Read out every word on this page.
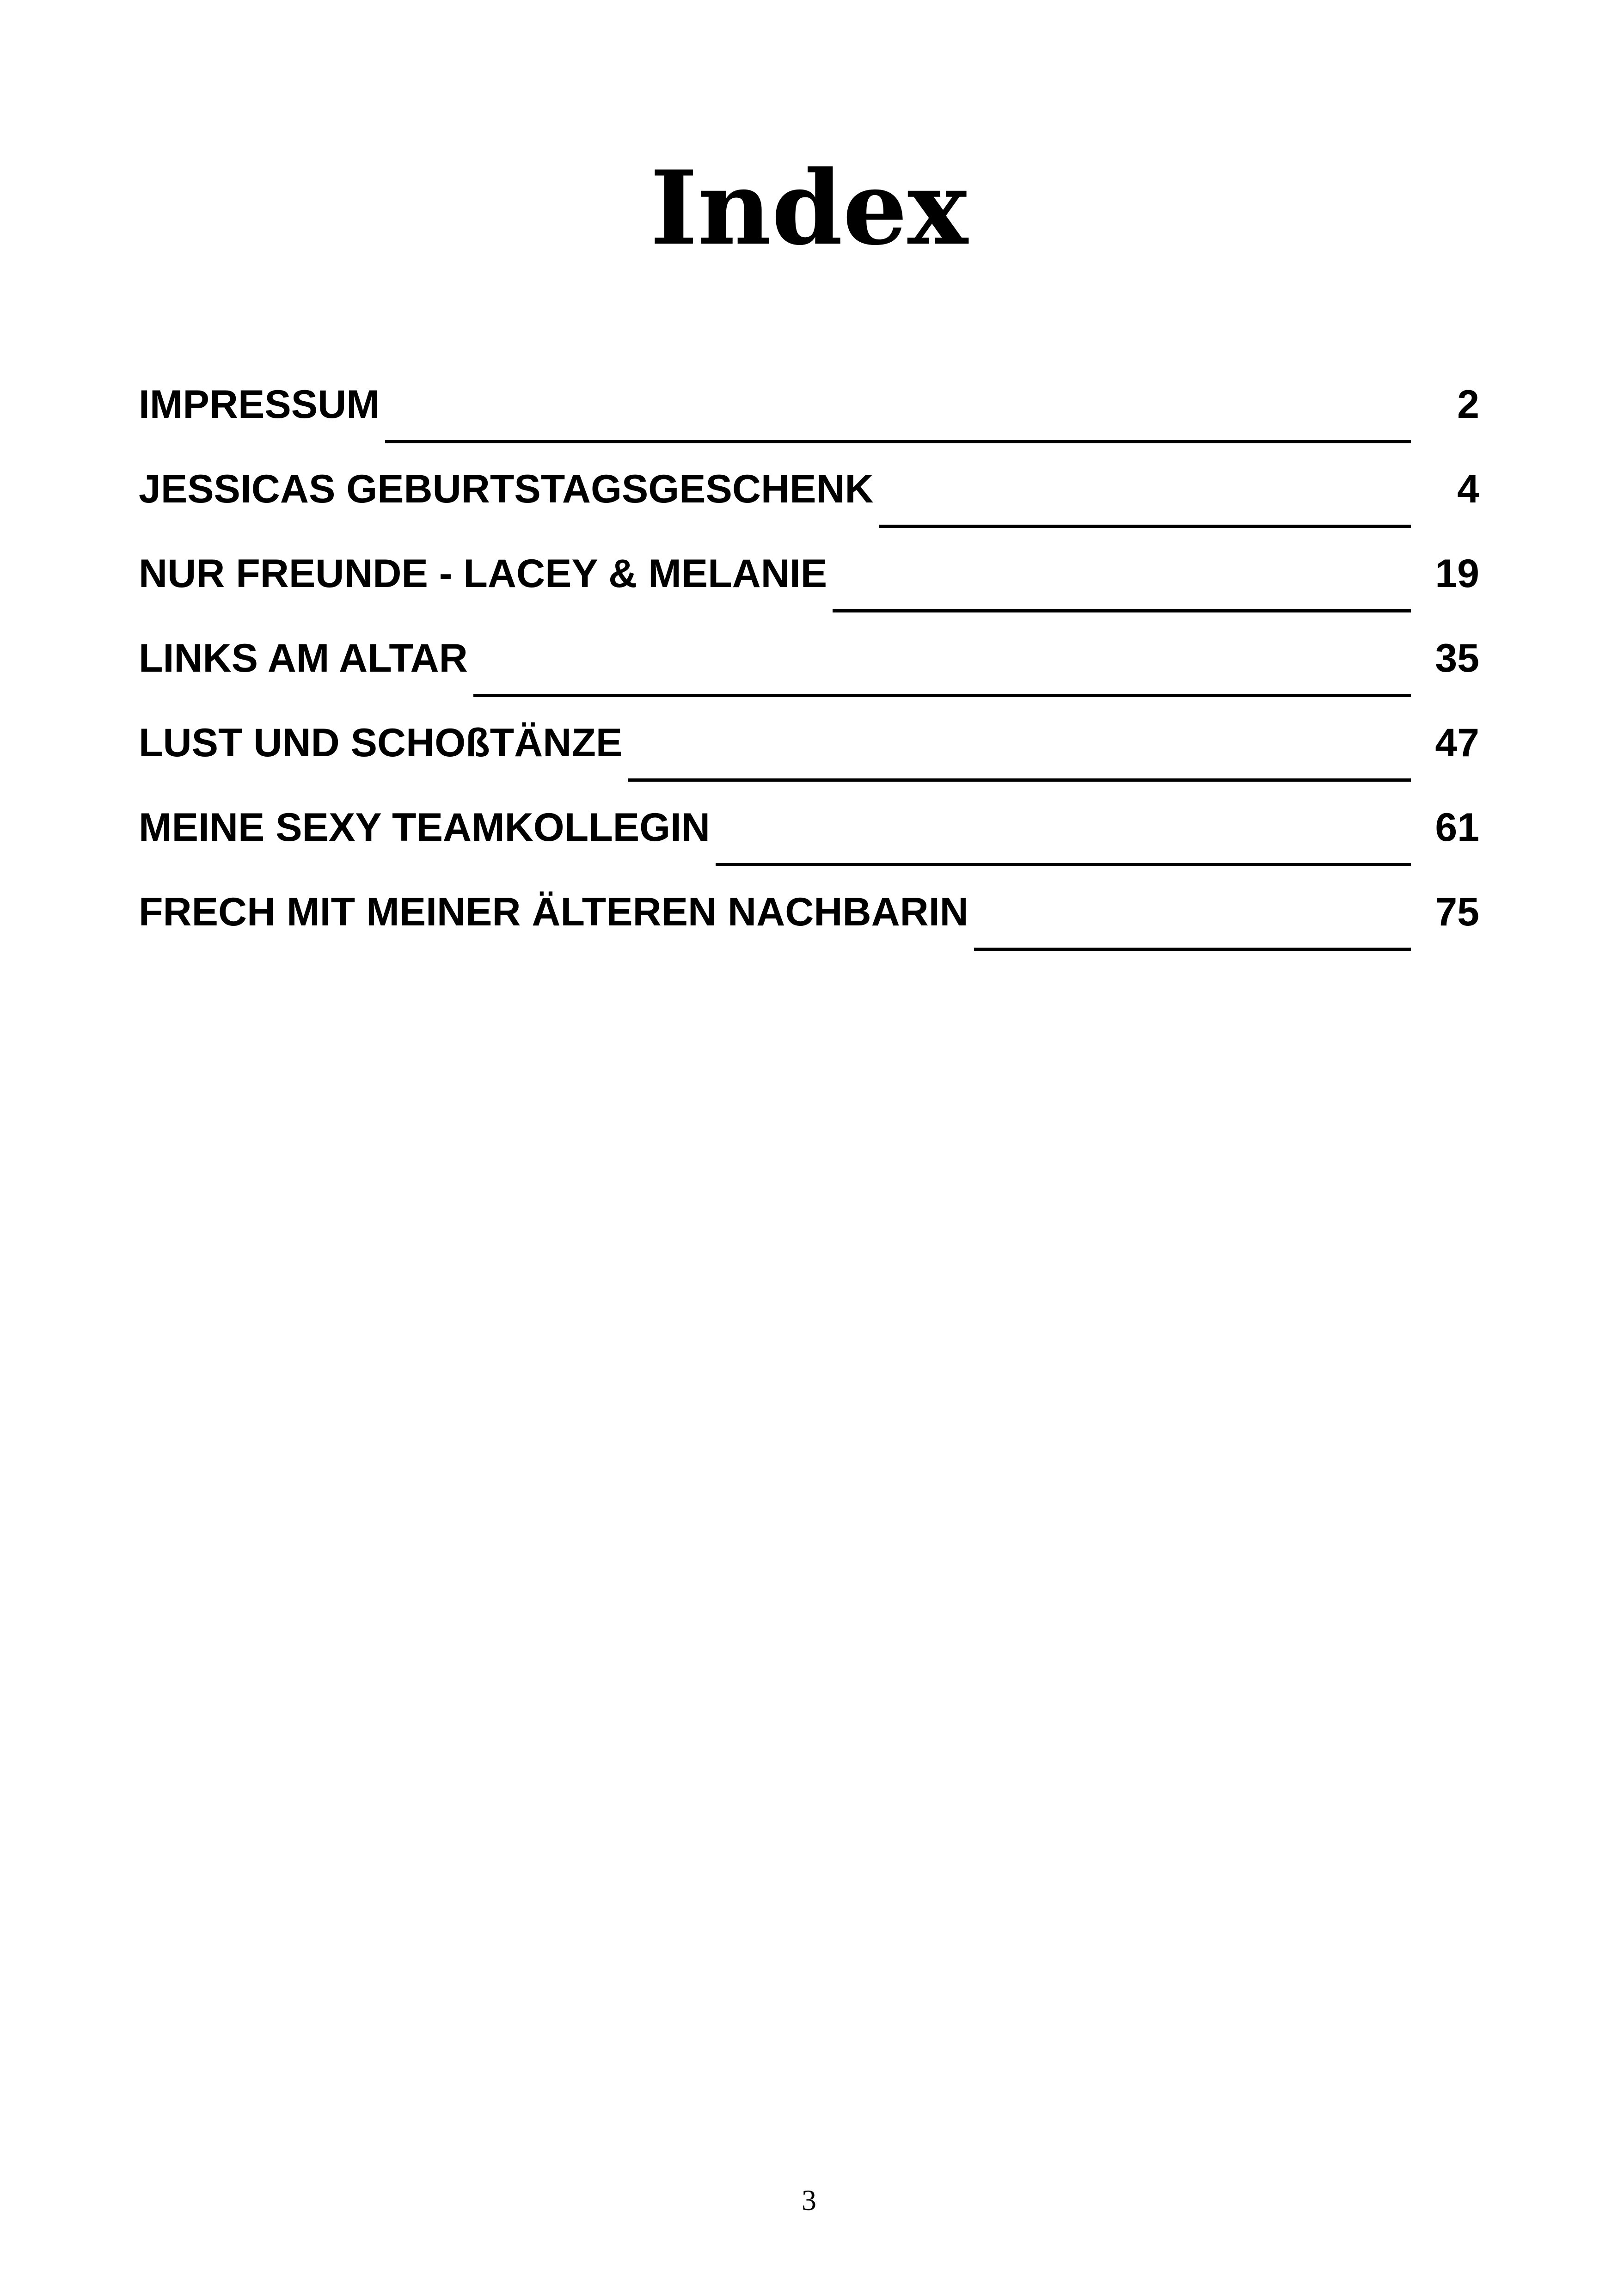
Index
IMPRESSUM	2
JESSICAS GEBURTSTAGSGESCHENK	4
NUR FREUNDE - LACEY & MELANIE	19
LINKS AM ALTAR	35
LUST UND SCHOßTÄNZE	47
MEINE SEXY TEAMKOLLEGIN	61
FRECH MIT MEINER ÄLTEREN NACHBARIN	75
3
